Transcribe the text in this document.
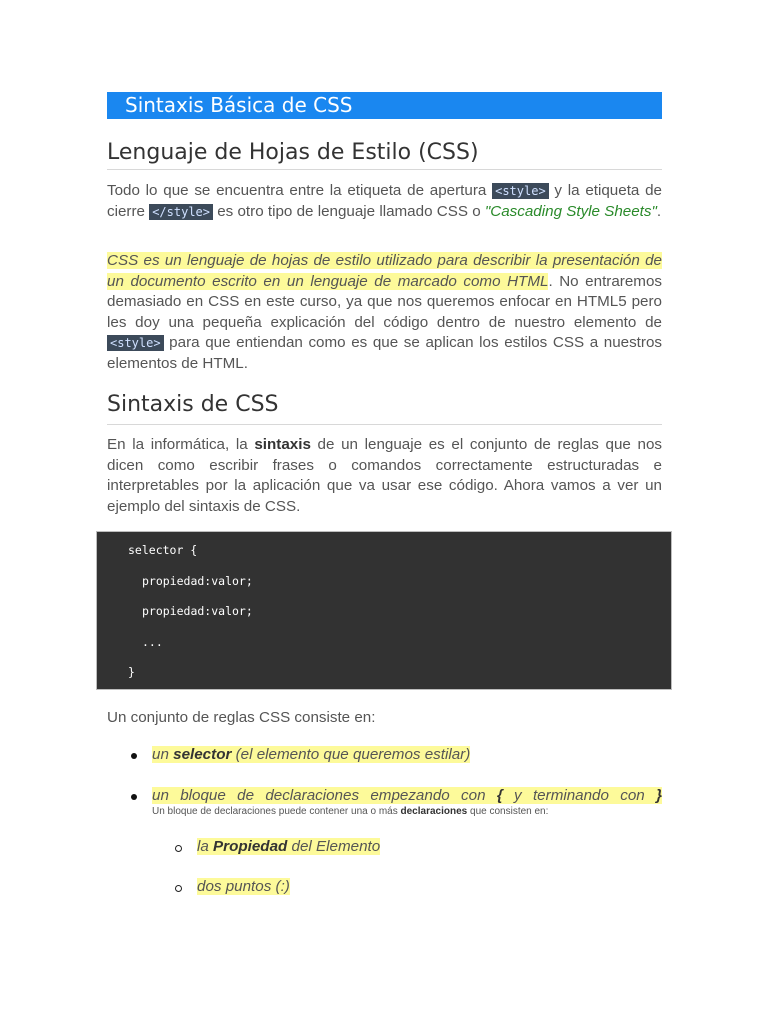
Sintaxis Básica de CSS
Lenguaje de Hojas de Estilo (CSS)

Todo lo que se encuentra entre la etiqueta de apertura <style> y la etiqueta de cierre </style> es otro tipo de lenguaje llamado CSS o "Cascading Style Sheets".

CSS es un lenguaje de hojas de estilo utilizado para describir la presentación de un documento escrito en un lenguaje de marcado como HTML. No entraremos demasiado en CSS en este curso, ya que nos queremos enfocar en HTML5 pero les doy una pequeña explicación del código dentro de nuestro elemento de <style> para que entiendan como es que se aplican los estilos CSS a nuestros elementos de HTML.

Sintaxis de CSS

En la informática, la sintaxis de un lenguaje es el conjunto de reglas que nos dicen como escribir frases o comandos correctamente estructuradas e interpretables por la aplicación que va usar ese código. Ahora vamos a ver un ejemplo del sintaxis de CSS.

selector {
propiedad:valor;
propiedad:valor;
...
}

Un conjunto de reglas CSS consiste en:

un selector (el elemento que queremos estilar)
un bloque de declaraciones empezando con { y terminando con }
Un bloque de declaraciones puede contener una o más declaraciones que consisten en:
la Propiedad del Elemento
dos puntos (:)
